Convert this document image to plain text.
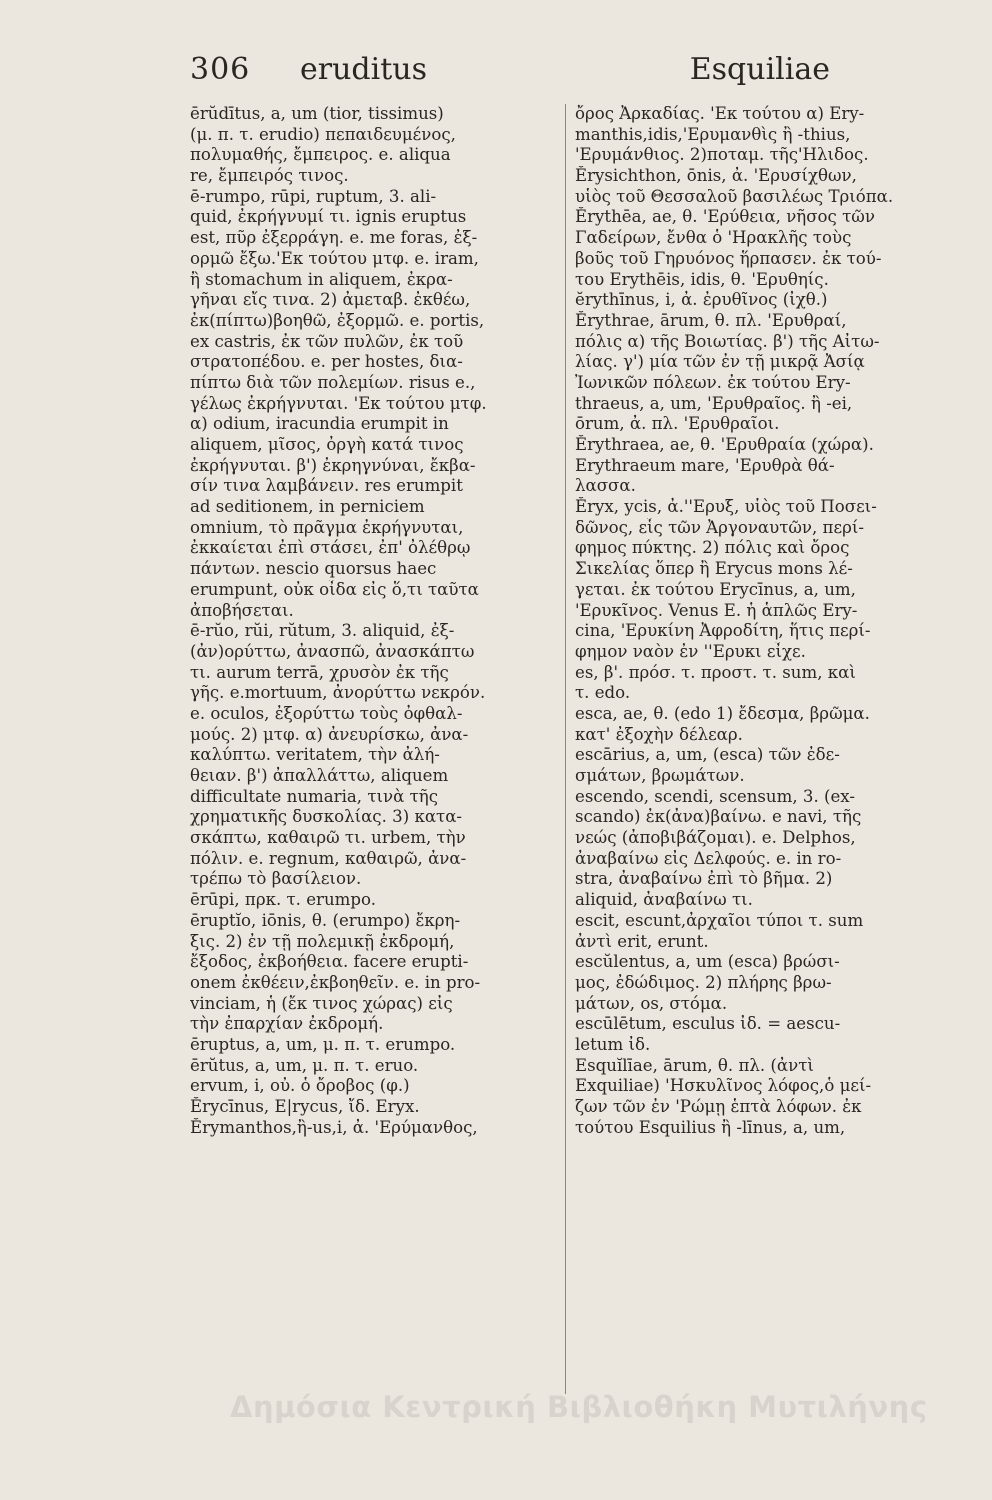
306 eruditus	Esquiliae
ērŭdītus, a, um (tior, tissimus)
(μ. π. τ. erudio) πεπαιδευμένος,
πολυμαθής, ἔμπειρος. e. aliqua
re, ἔμπειρός τινος.
ē-rumpo, rūpi, ruptum, 3. ali-
quid, ἐκρήγνυμί τι. ignis eruptus
est, πῦρ ἐξερράγη. e. me foras, ἐξ-
ορμῶ ἔξω.'Εκ τούτου μτφ. e. iram,
ἢ stomachum in aliquem, ἐκρα-
γῆναι εἴς τινα. 2) ἀμεταβ. ἐκθέω,
ἐκ(πίπτω)βοηθῶ, ἐξορμῶ. e. portis,
ex castris, ἐκ τῶν πυλῶν, ἐκ τοῦ
στρατοπέδου. e. per hostes, δια-
πίπτω διὰ τῶν πολεμίων. risus e.,
γέλως ἐκρήγνυται. 'Εκ τούτου μτφ.
α) odium, iracundia erumpit in
aliquem, μῖσος, ὀργὴ κατά τινος
ἐκρήγνυται. β') ἐκρηγνύναι, ἔκβα-
σίν τινα λαμβάνειν. res erumpit
ad seditionem, in perniciem
omnium, τὸ πρᾶγμα ἐκρήγνυται,
ἐκκαίεται ἐπὶ στάσει, ἐπ' ὀλέθρῳ
πάντων. nescio quorsus haec
erumpunt, οὐκ οἶδα εἰς ὅ,τι ταῦτα
ἀποβήσεται.
ē-rŭo, rŭi, rŭtum, 3. aliquid, ἐξ-
(ἀν)ορύττω, ἀνασπῶ, ἀνασκάπτω
τι. aurum terrā, χρυσὸν ἐκ τῆς
γῆς. e.mortuum, ἀνορύττω νεκρόν.
e. oculos, ἐξορύττω τοὺς ὀφθαλ-
μούς. 2) μτφ. α) ἀνευρίσκω, ἀνα-
καλύπτω. veritatem, τὴν ἀλή-
θειαν. β') ἀπαλλάττω, aliquem
difficultate numaria, τινὰ τῆς
χρηματικῆς δυσκολίας. 3) κατα-
σκάπτω, καθαιρῶ τι. urbem, τὴν
πόλιν. e. regnum, καθαιρῶ, ἀνα-
τρέπω τὸ βασίλειον.
ērūpi, πρκ. τ. erumpo.
ēruptĭo, iōnis, θ. (erumpo) ἔκρη-
ξις. 2) ἐν τῇ πολεμικῇ ἐκδρομή,
ἔξοδος, ἐκβοήθεια. facere erupti-
onem ἐκθέειν,ἐκβοηθεῖν. e. in pro-
vinciam, ἡ (ἔκ τινος χώρας) εἰς
τὴν ἐπαρχίαν ἐκδρομή.
ēruptus, a, um, μ. π. τ. erumpo.
ērŭtus, a, um, μ. π. τ. eruo.
ervum, i, οὐ. ὁ ὄροβος (φ.)
Ĕrycīnus, E|rycus, ἴδ. Eryx.
Ĕrymanthos,ἢ-us,i, ἀ. 'Ερύμανθος,
ὄρος Ἀρκαδίας. 'Εκ τούτου α) Ery-
manthis,idis,'Ερυμανθὶς ἢ -thius,
'Ερυμάνθιος. 2)ποταμ. τῆς'Ηλιδος.
Ĕrysichthon, ōnis, ἀ. 'Ερυσίχθων,
υἱὸς τοῦ Θεσσαλοῦ βασιλέως Τριόπα.
Ĕrythēa, ae, θ. 'Ερύθεια, νῆσος τῶν
Γαδείρων, ἔνθα ὁ 'Ηρακλῆς τοὺς
βοῦς τοῦ Γηρυόνος ἥρπασεν. ἐκ τού-
του Erythēis, idis, θ. 'Ερυθηίς.
ĕrythīnus, i, ἀ. ἐρυθῖνος (ἰχθ.)
Ĕrythrae, ārum, θ. πλ. 'Ερυθραί,
πόλις α) τῆς Βοιωτίας. β') τῆς Αἰτω-
λίας. γ') μία τῶν ἐν τῇ μικρᾷ Ἀσίᾳ
Ἰωνικῶν πόλεων. ἐκ τούτου Ery-
thraeus, a, um, 'Ερυθραῖος. ἢ -ei,
ōrum, ἀ. πλ. 'Ερυθραῖοι.
Ĕrythraea, ae, θ. 'Ερυθραία (χώρα).
Erythraeum mare, 'Ερυθρὰ θά-
λασσα.
Ĕryx, ycis, ἀ.''Ερυξ, υἱὸς τοῦ Ποσει-
δῶνος, εἷς τῶν Ἀργοναυτῶν, περί-
φημος πύκτης. 2) πόλις καὶ ὄρος
Σικελίας ὅπερ ἢ Erycus mons λέ-
γεται. ἐκ τούτου Erycīnus, a, um,
'Ερυκῖνος. Venus E. ἡ ἁπλῶς Ery-
cina, 'Ερυκίνη Ἀφροδίτη, ἥτις περί-
φημον ναὸν ἐν ''Ερυκι εἶχε.
es, β'. πρόσ. τ. προστ. τ. sum, καὶ
τ. edo.
esca, ae, θ. (edo 1) ἔδεσμα, βρῶμα.
κατ' ἐξοχὴν δέλεαρ.
escārius, a, um, (esca) τῶν ἐδε-
σμάτων, βρωμάτων.
escendo, scendi, scensum, 3. (ex-
scando) ἐκ(ἀνα)βαίνω. e navi, τῆς
νεώς (ἀποβιβάζομαι). e. Delphos,
ἀναβαίνω εἰς Δελφούς. e. in ro-
stra, ἀναβαίνω ἐπὶ τὸ βῆμα. 2)
aliquid, ἀναβαίνω τι.
escit, escunt,ἀρχαῖοι τύποι τ. sum
ἀντὶ erit, erunt.
escŭlentus, a, um (esca) βρώσι-
μος, ἐδώδιμος. 2) πλήρης βρω-
μάτων, os, στόμα.
escūlētum, esculus ἰδ. = aescu-
letum ἰδ.
Esquĭlīae, ārum, θ. πλ. (ἀντὶ
Exquiliae) 'Ησκυλῖνος λόφος,ὁ μεί-
ζων τῶν ἐν 'Ρώμῃ ἑπτὰ λόφων. ἐκ
τούτου Esquilius ἢ -līnus, a, um,
Δημόσια Κεντρική Βιβλιοθήκη Μυτιλήνης
